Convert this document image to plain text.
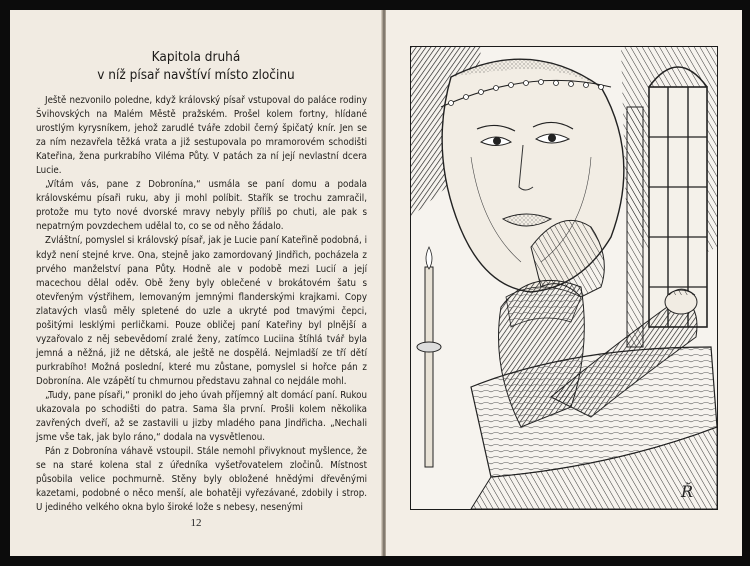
Kapitola druhá
v níž písař navštíví místo zločinu

Ještě nezvonilo poledne, když královský písař vstupoval do paláce rodiny Švihovských na Malém Městě pražském. Prošel kolem fortny, hlídané urostlým kyrysníkem, jehož zarudlé tváře zdobil černý špičatý knír. Jen se za ním nezavřela těžká vrata a již sestupovala po mramorovém schodišti Kateřina, žena purkrabího Viléma Půty. V patách za ní její nevlastní dcera Lucie.

„Vítám vás, pane z Dobronína,“ usmála se paní domu a podala královskému písaři ruku, aby ji mohl políbit. Stařík se trochu zamračil, protože mu tyto nové dvorské mravy nebyly příliš po chuti, ale pak s nepatrným povzdechem udělal to, co se od něho žádalo.

Zvláštní, pomyslel si královský písař, jak je Lucie paní Kateřině podobná, i když není stejné krve. Ona, stejně jako zamordovaný Jindřich, pocházela z prvého manželství pana Půty. Hodně ale v podobě mezi Lucií a její macechou dělal oděv. Obě ženy byly oblečené v brokátovém šatu s otevřeným výstřihem, lemovaným jemnými flanderskými krajkami. Copy zlatavých vlasů měly spletené do uzle a ukryté pod tmavými čepci, pošitými lesklými perličkami. Pouze obličej paní Kateřiny byl plnější a vyzařovalo z něj sebevědomí zralé ženy, zatímco Luciina štíhlá tvář byla jemná a něžná, již ne dětská, ale ještě ne dospělá. Nejmladší ze tří dětí purkrabího! Možná poslední, které mu zůstane, pomyslel si hořce pán z Dobronína. Ale vzápětí tu chmurnou představu zahnal co nejdále mohl.

„Tudy, pane písaři,“ pronikl do jeho úvah příjemný alt domácí paní. Rukou ukazovala po schodišti do patra. Sama šla první. Prošli kolem několika zavřených dveří, až se zastavili u jizby mladého pana Jindřicha. „Nechali jsme vše tak, jak bylo ráno,“ dodala na vysvětlenou.

Pán z Dobronína váhavě vstoupil. Stále nemohl přivyknout myšlence, že se na staré kolena stal z úředníka vyšetřovatelem zločinů. Místnost působila velice pochmurně. Stěny byly obložené hnědými dřevěnými kazetami, podobné o něco menší, ale bohatěji vyřezávané, zdobily i strop. U jediného velkého okna bylo široké lože s nebesy, nesenými

12
Ř
